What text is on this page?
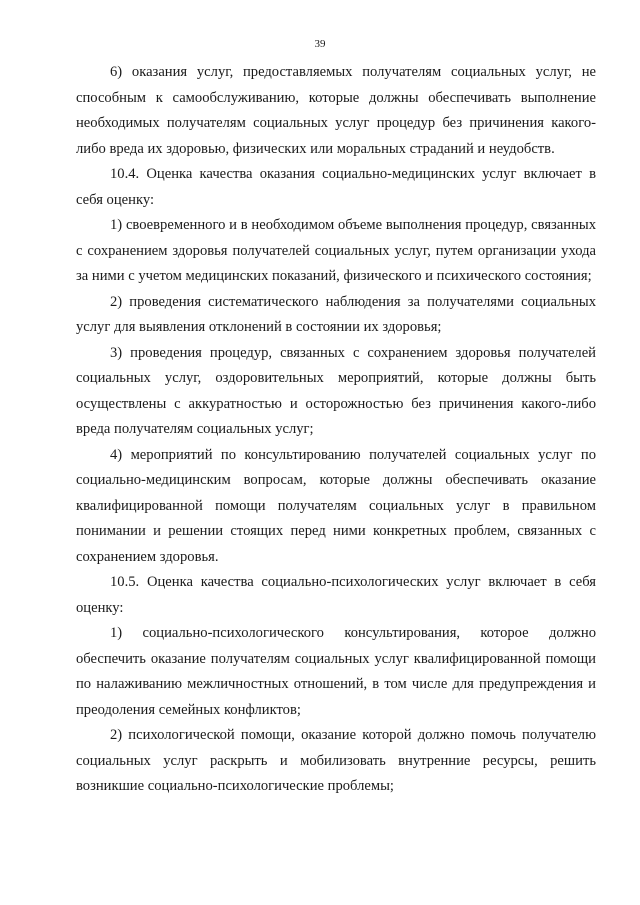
39

6) оказания услуг, предоставляемых получателям социальных услуг, не способным к самообслуживанию, которые должны обеспечивать выполнение необходимых получателям социальных услуг процедур без причинения какого-либо вреда их здоровью, физических или моральных страданий и неудобств.

10.4. Оценка качества оказания социально-медицинских услуг включает в себя оценку:

1) своевременного и в необходимом объеме выполнения процедур, связанных с сохранением здоровья получателей социальных услуг, путем организации ухода за ними с учетом медицинских показаний, физического и психического состояния;

2) проведения систематического наблюдения за получателями социальных услуг для выявления отклонений в состоянии их здоровья;

3) проведения процедур, связанных с сохранением здоровья получателей социальных услуг, оздоровительных мероприятий, которые должны быть осуществлены с аккуратностью и осторожностью без причинения какого-либо вреда получателям социальных услуг;

4) мероприятий по консультированию получателей социальных услуг по социально-медицинским вопросам, которые должны обеспечивать оказание квалифицированной помощи получателям социальных услуг в правильном понимании и решении стоящих перед ними конкретных проблем, связанных с сохранением здоровья.

10.5. Оценка качества социально-психологических услуг включает в себя оценку:

1) социально-психологического консультирования, которое должно обеспечить оказание получателям социальных услуг квалифицированной помощи по налаживанию межличностных отношений, в том числе для предупреждения и преодоления семейных конфликтов;

2) психологической помощи, оказание которой должно помочь получателю социальных услуг раскрыть и мобилизовать внутренние ресурсы, решить возникшие социально-психологические проблемы;
